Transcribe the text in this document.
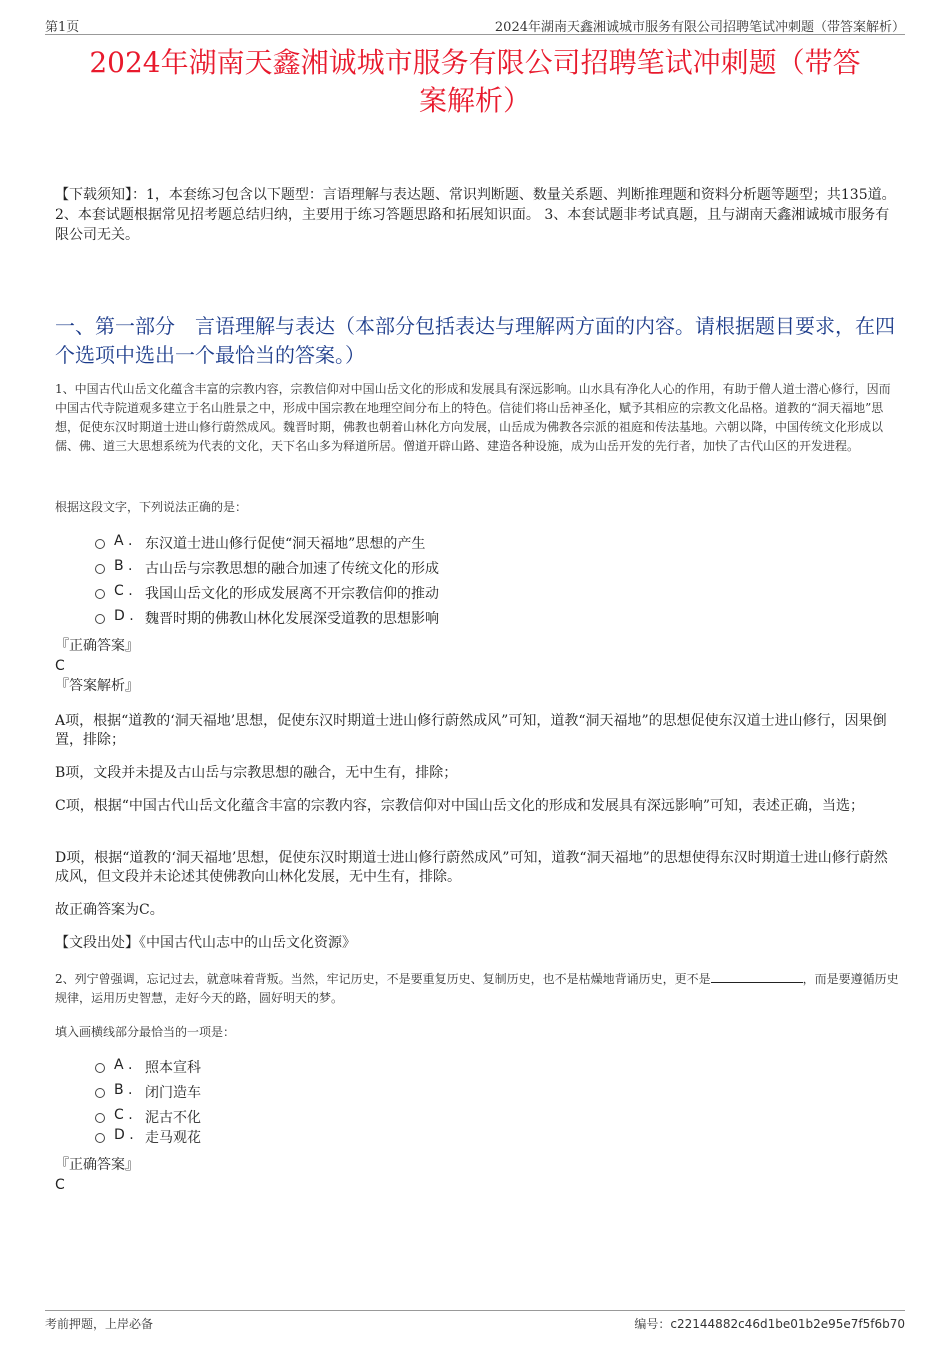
第1页	2024年湖南天鑫湘诚城市服务有限公司招聘笔试冲刺题（带答案解析）
2024年湖南天鑫湘诚城市服务有限公司招聘笔试冲刺题（带答
案解析）
【下载须知】：1，本套练习包含以下题型：言语理解与表达题、常识判断题、数量关系题、判断推理题和资料分析题等题型；共135道。 2、本套试题根据常见招考题总结归纳，主要用于练习答题思路和拓展知识面。 3、本套试题非考试真题，且与湖南天鑫湘诚城市服务有限公司无关。
一、第一部分　言语理解与表达（本部分包括表达与理解两方面的内容。请根据题目要求，在四个选项中选出一个最恰当的答案。）
1、中国古代山岳文化蕴含丰富的宗教内容，宗教信仰对中国山岳文化的形成和发展具有深远影响。山水具有净化人心的作用，有助于僧人道士潜心修行，因而中国古代寺院道观多建立于名山胜景之中，形成中国宗教在地理空间分布上的特色。信徒们将山岳神圣化，赋予其相应的宗教文化品格。道教的“洞天福地”思想，促使东汉时期道士进山修行蔚然成风。魏晋时期，佛教也朝着山林化方向发展，山岳成为佛教各宗派的祖庭和传法基地。六朝以降，中国传统文化形成以儒、佛、道三大思想系统为代表的文化，天下名山多为释道所居。僧道开辟山路、建造各种设施，成为山岳开发的先行者，加快了古代山区的开发进程。
根据这段文字，下列说法正确的是：
A . 东汉道士进山修行促使“洞天福地”思想的产生
B . 古山岳与宗教思想的融合加速了传统文化的形成
C . 我国山岳文化的形成发展离不开宗教信仰的推动
D . 魏晋时期的佛教山林化发展深受道教的思想影响
『正确答案』
C
『答案解析』
A项，根据“道教的‘洞天福地’思想，促使东汉时期道士进山修行蔚然成风”可知，道教“洞天福地”的思想促使东汉道士进山修行，因果倒置，排除；
B项，文段并未提及古山岳与宗教思想的融合，无中生有，排除；
C项，根据“中国古代山岳文化蕴含丰富的宗教内容，宗教信仰对中国山岳文化的形成和发展具有深远影响”可知，表述正确，当选；
D项，根据“道教的‘洞天福地’思想，促使东汉时期道士进山修行蔚然成风”可知，道教“洞天福地”的思想使得东汉时期道士进山修行蔚然成风，但文段并未论述其使佛教向山林化发展，无中生有，排除。
故正确答案为C。
【文段出处】《中国古代山志中的山岳文化资源》
2、列宁曾强调，忘记过去，就意味着背叛。当然，牢记历史，不是要重复历史、复制历史，也不是枯燥地背诵历史，更不是	，而是要遵循历史规律，运用历史智慧，走好今天的路，圆好明天的梦。
填入画横线部分最恰当的一项是：
A . 照本宣科
B . 闭门造车
C . 泥古不化
D . 走马观花
『正确答案』
C
考前押题，上岸必备	编号：c22144882c46d1be01b2e95e7f5f6b70
